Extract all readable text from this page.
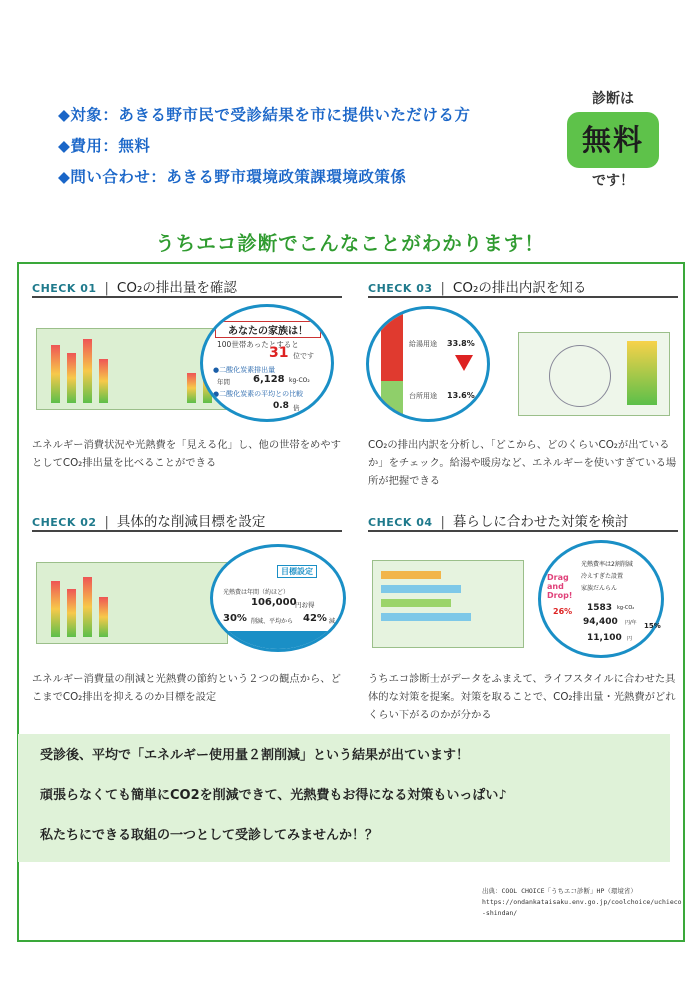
◆対象：あきる野市民で受診結果を市に提供いただける方
◆費用：無料
◆問い合わせ：あきる野市環境政策課環境政策係
診断は
無料
です！
うちエコ診断でこんなことがわかります！
CHECK 01 | CO₂の排出量を確認
あなたの家族は！
100世帯あったとすると
31 位です
●二酸化炭素排出量
年間 6,128 kg-CO₂
●二酸化炭素の平均との比較
0.8 倍
エネルギー消費状況や光熱費を「見える化」し、他の世帯をめやすとしてCO₂排出量を比べることができる
CHECK 03 | CO₂の排出内訳を知る
給湯用途 33.8%
台所用途 13.6%
CO₂の排出内訳を分析し、「どこから、どのくらいCO₂が出ているか」をチェック。給湯や暖房など、エネルギーを使いすぎている場所が把握できる
CHECK 02 | 具体的な削減目標を設定
目標設定
光熱費は年間（約ほど）
106,000
円お得
30% 削減、平均から 42% 減
エネルギー消費量の削減と光熱費の節約という２つの観点から、どこまでCO₂排出を抑えるのか目標を設定
CHECK 04 | 暮らしに合わせた対策を検討
Drag and Drop!
光熱費率は2割削減
冷えすぎた設置
家族だんらん
26% 1583 kg-CO₂
94,400 円/年
11,100 円
15%
うちエコ診断士がデータをふまえて、ライフスタイルに合わせた具体的な対策を提案。対策を取ることで、CO₂排出量・光熱費がどれくらい下がるのかが分かる
受診後、平均で「エネルギー使用量２割削減」という結果が出ています！
頑張らなくても簡単にCO2を削減できて、光熱費もお得になる対策もいっぱい♪
私たちにできる取組の一つとして受診してみませんか！？
出典：COOL CHOICE「うちエコ診断」HP（環境省）
https://ondankataisaku.env.go.jp/coolchoice/uchieco-shindan/
